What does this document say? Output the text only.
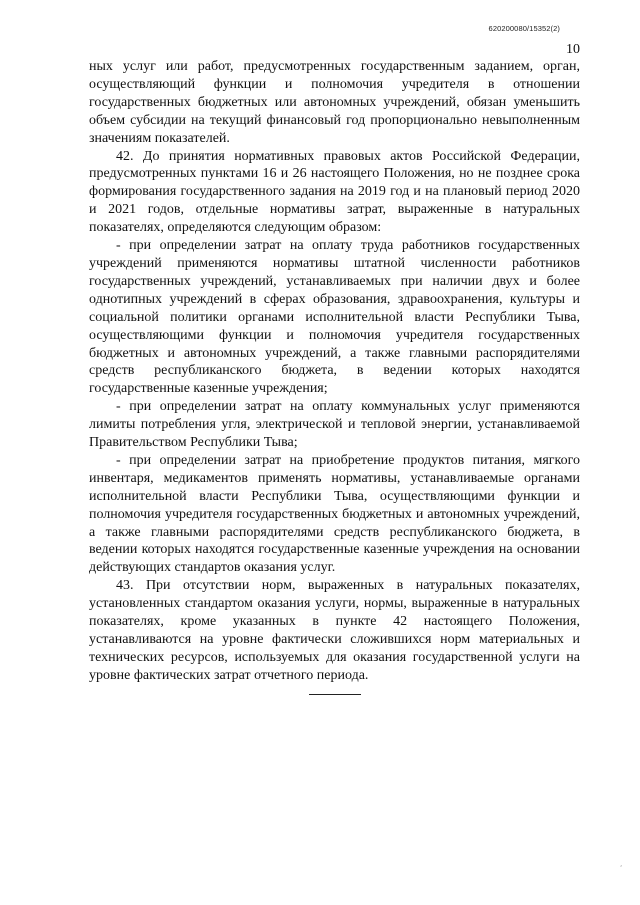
620200080/15352(2)
10

ных услуг или работ, предусмотренных государственным заданием, орган, осуществляющий функции и полномочия учредителя в отношении государственных бюджетных или автономных учреждений, обязан уменьшить объем субсидии на текущий финансовый год пропорционально невыполненным значениям показателей.

42. До принятия нормативных правовых актов Российской Федерации, предусмотренных пунктами 16 и 26 настоящего Положения, но не позднее срока формирования государственного задания на 2019 год и на плановый период 2020 и 2021 годов, отдельные нормативы затрат, выраженные в натуральных показателях, определяются следующим образом:

- при определении затрат на оплату труда работников государственных учреждений применяются нормативы штатной численности работников государственных учреждений, устанавливаемых при наличии двух и более однотипных учреждений в сферах образования, здравоохранения, культуры и социальной политики органами исполнительной власти Республики Тыва, осуществляющими функции и полномочия учредителя государственных бюджетных и автономных учреждений, а также главными распорядителями средств республиканского бюджета, в ведении которых находятся государственные казенные учреждения;

- при определении затрат на оплату коммунальных услуг применяются лимиты потребления угля, электрической и тепловой энергии, устанавливаемой Правительством Республики Тыва;

- при определении затрат на приобретение продуктов питания, мягкого инвентаря, медикаментов применять нормативы, устанавливаемые органами исполнительной власти Республики Тыва, осуществляющими функции и полномочия учредителя государственных бюджетных и автономных учреждений, а также главными распорядителями средств республиканского бюджета, в ведении которых находятся государственные казенные учреждения на основании действующих стандартов оказания услуг.

43. При отсутствии норм, выраженных в натуральных показателях, установленных стандартом оказания услуги, нормы, выраженные в натуральных показателях, кроме указанных в пункте 42 настоящего Положения, устанавливаются на уровне фактически сложившихся норм материальных и технических ресурсов, используемых для оказания государственной услуги на уровне фактических затрат отчетного периода.

‘
